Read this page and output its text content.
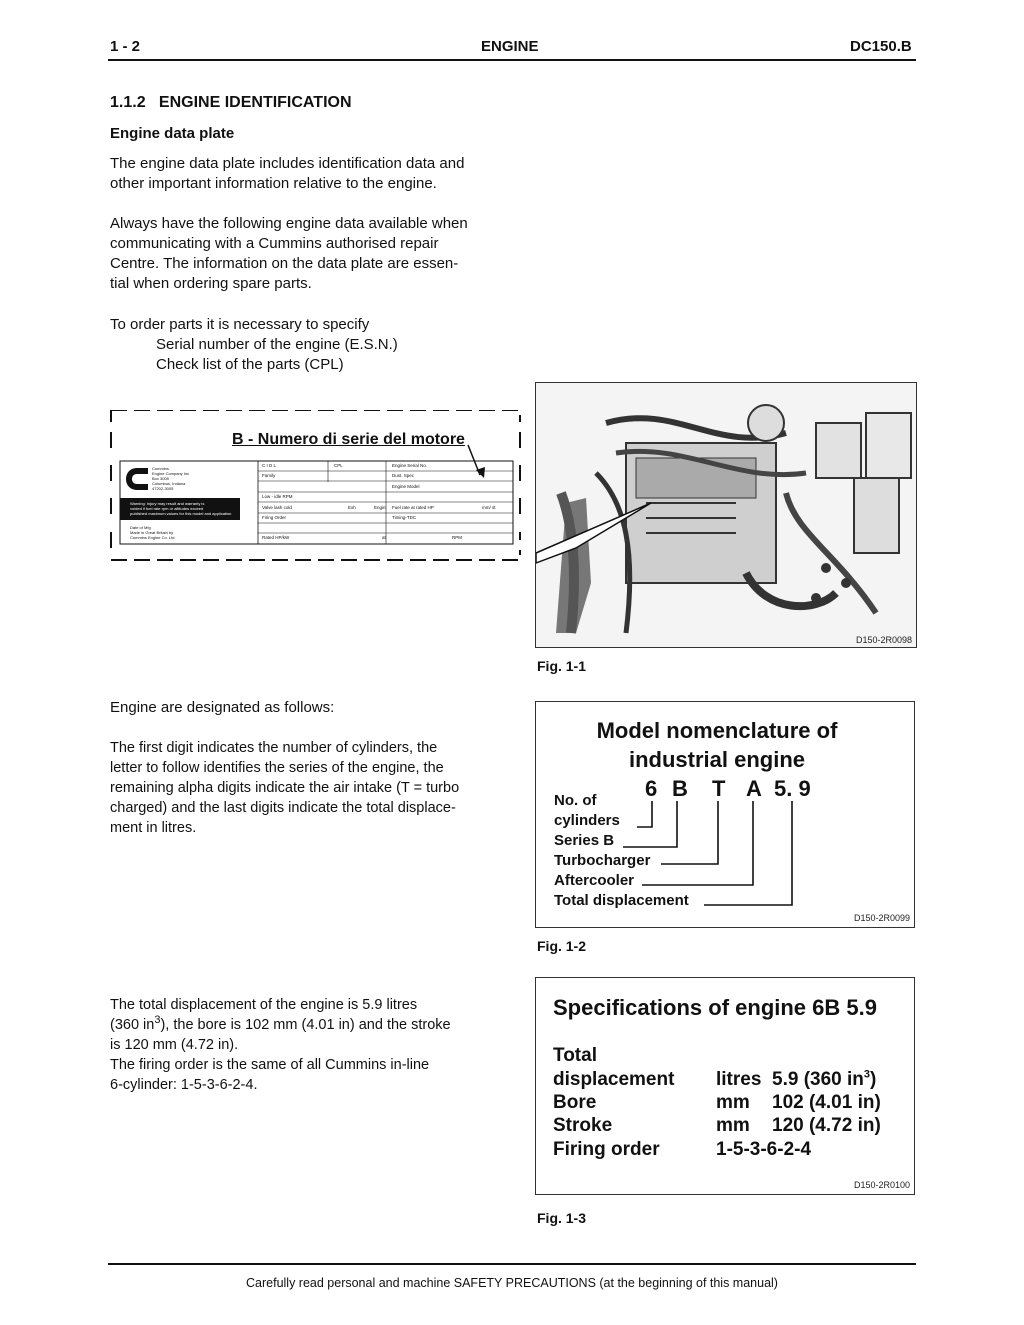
1 - 2	ENGINE	DC150.B
1.1.2   ENGINE IDENTIFICATION
Engine data plate
The engine data plate includes identification data and
other important information relative to the engine.
Always have the following engine data available when
communicating with a Cummins authorised repair
Centre. The information on the data plate are essen-
tial when ordering spare parts.
To order parts it is necessary to specify
Serial number of the engine (E.S.N.)
Check list of the parts (CPL)
B - Numero di serie del motore
Cummins
Engine Company Inc
Box 3005
Columbus, Indiana
47202-3005
Warning: injury may result and warranty is
voided if fuel rate rpm or altitudes exceed
published maximum values for this model and application
Date of Mfg
Made in Great Britain by
Cummins Engine Co. Ltd
C I D L	CPL	Engine Serial No.
Family	Dust. Spec
Engine Model
Low - idle RPM
Valve lash cold	Exh	Engin Fuel rate at rated HP	mm/ st
Firing Order	Timing-TDC
Rated HP/kW	at	RPM
D150-2R0098
Fig. 1-1
Engine are designated as follows:
The first digit indicates the number of cylinders, the
letter to follow identifies the series of the engine, the
remaining alpha digits indicate the air intake (T = turbo
charged) and the last digits indicate the total displace-
ment in litres.
Model nomenclature of
industrial engine
6 B T A 5. 9
No. of
cylinders
Series B
Turbocharger
Aftercooler
Total displacement
D150-2R0099
Fig. 1-2
The total displacement of the engine is 5.9 litres
(360 $in^3$), the bore is 102 mm (4.01 in) and the stroke
is 120 mm (4.72 in).
The firing order is the same of all Cummins in-line
6-cylinder: 1-5-3-6-2-4.
Specifications of engine 6B 5.9
Total
displacement litres 5.9 (360 $in^3$)
Bore	mm 102 (4.01 in)
Stroke	mm 120 (4.72 in)
Firing order	1-5-3-6-2-4
D150-2R0100
Fig. 1-3
Carefully read personal and machine SAFETY PRECAUTIONS (at the beginning of this manual)
